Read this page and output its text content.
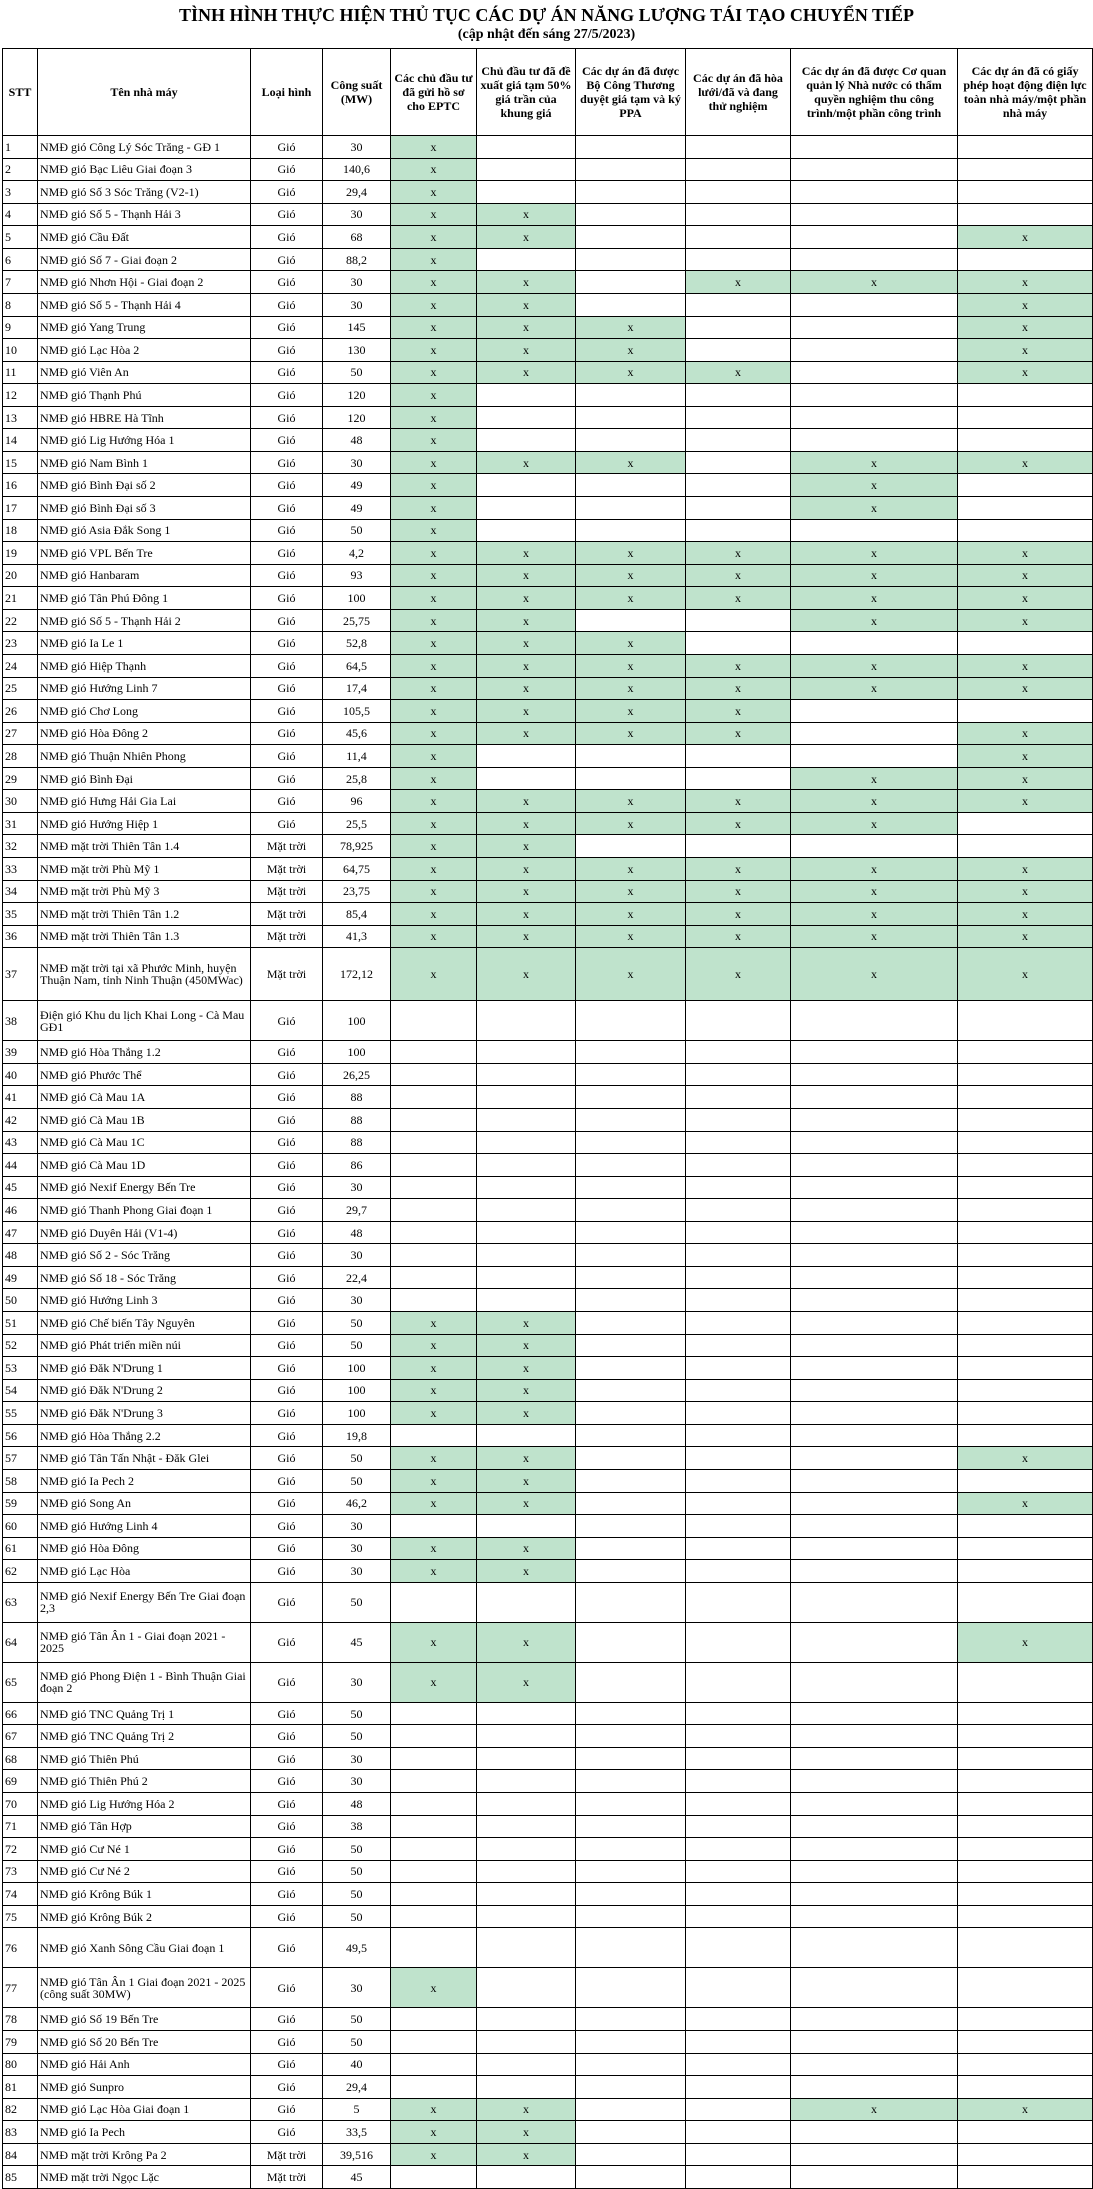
TÌNH HÌNH THỰC HIỆN THỦ TỤC CÁC DỰ ÁN NĂNG LƯỢNG TÁI TẠO CHUYỂN TIẾP
(cập nhật đến sáng 27/5/2023)
STT	Tên nhà máy	Loại hình	Công suất (MW)	Các chủ đầu tư đã gửi hồ sơ cho EPTC	Chủ đầu tư đã đề xuất giá tạm 50% giá trần của khung giá	Các dự án đã được Bộ Công Thương duyệt giá tạm và ký PPA	Các dự án đã hòa lưới/đã và đang thử nghiệm	Các dự án đã được Cơ quan quản lý Nhà nước có thẩm quyền nghiệm thu công trình/một phần công trình	Các dự án đã có giấy phép hoạt động điện lực toàn nhà máy/một phần nhà máy
1	NMĐ gió Công Lý Sóc Trăng - GĐ 1	Gió	30	x					
2	NMĐ gió Bạc Liêu Giai đoạn 3	Gió	140,6	x					
3	NMĐ gió Số 3 Sóc Trăng (V2-1)	Gió	29,4	x					
4	NMĐ gió Số 5 - Thạnh Hải 3	Gió	30	x	x				
5	NMĐ gió Cầu Đất	Gió	68	x	x				x
6	NMĐ gió Số 7 - Giai đoạn 2	Gió	88,2	x					
7	NMĐ gió Nhơn Hội - Giai đoạn 2	Gió	30	x	x		x	x	x
8	NMĐ gió Số 5 - Thạnh Hải 4	Gió	30	x	x				x
9	NMĐ gió Yang Trung	Gió	145	x	x	x			x
10	NMĐ gió Lạc Hòa 2	Gió	130	x	x	x			x
11	NMĐ gió Viên An	Gió	50	x	x	x	x		x
12	NMĐ gió Thạnh Phú	Gió	120	x					
13	NMĐ gió HBRE Hà Tĩnh	Gió	120	x					
14	NMĐ gió Lig Hướng Hóa 1	Gió	48	x					
15	NMĐ gió Nam Bình 1	Gió	30	x	x	x		x	x
16	NMĐ gió Bình Đại số 2	Gió	49	x				x	
17	NMĐ gió Bình Đại số 3	Gió	49	x				x	
18	NMĐ gió Asia Đắk Song 1	Gió	50	x					
19	NMĐ gió VPL Bến Tre	Gió	4,2	x	x	x	x	x	x
20	NMĐ gió Hanbaram	Gió	93	x	x	x	x	x	x
21	NMĐ gió Tân Phú Đông 1	Gió	100	x	x	x	x	x	x
22	NMĐ gió Số 5 - Thạnh Hải 2	Gió	25,75	x	x			x	x
23	NMĐ gió Ia Le 1	Gió	52,8	x	x	x			
24	NMĐ gió Hiệp Thạnh	Gió	64,5	x	x	x	x	x	x
25	NMĐ gió Hướng Linh 7	Gió	17,4	x	x	x	x	x	x
26	NMĐ gió Chơ Long	Gió	105,5	x	x	x	x		
27	NMĐ gió Hòa Đông 2	Gió	45,6	x	x	x	x		x
28	NMĐ gió Thuận Nhiên Phong	Gió	11,4	x					x
29	NMĐ gió Bình Đại	Gió	25,8	x				x	x
30	NMĐ gió Hưng Hải Gia Lai	Gió	96	x	x	x	x	x	x
31	NMĐ gió Hướng Hiệp 1	Gió	25,5	x	x	x	x	x	
32	NMĐ mặt trời Thiên Tân 1.4	Mặt trời	78,925	x	x				
33	NMĐ mặt trời Phù Mỹ 1	Mặt trời	64,75	x	x	x	x	x	x
34	NMĐ mặt trời Phù Mỹ 3	Mặt trời	23,75	x	x	x	x	x	x
35	NMĐ mặt trời Thiên Tân 1.2	Mặt trời	85,4	x	x	x	x	x	x
36	NMĐ mặt trời Thiên Tân 1.3	Mặt trời	41,3	x	x	x	x	x	x
37	NMĐ mặt trời tại xã Phước Minh, huyện Thuận Nam, tỉnh Ninh Thuận (450MWac)	Mặt trời	172,12	x	x	x	x	x	x
38	Điện gió Khu du lịch Khai Long - Cà Mau GĐ1	Gió	100						
39	NMĐ gió Hòa Thắng 1.2	Gió	100						
40	NMĐ gió Phước Thể	Gió	26,25						
41	NMĐ gió Cà Mau 1A	Gió	88						
42	NMĐ gió Cà Mau 1B	Gió	88						
43	NMĐ gió Cà Mau 1C	Gió	88						
44	NMĐ gió Cà Mau 1D	Gió	86						
45	NMĐ gió Nexif Energy Bến Tre	Gió	30						
46	NMĐ gió Thanh Phong Giai đoạn 1	Gió	29,7						
47	NMĐ gió Duyên Hải (V1-4)	Gió	48						
48	NMĐ gió Số 2 - Sóc Trăng	Gió	30						
49	NMĐ gió Số 18 - Sóc Trăng	Gió	22,4						
50	NMĐ gió Hướng Linh 3	Gió	30						
51	NMĐ gió Chế biến Tây Nguyên	Gió	50	x	x				
52	NMĐ gió Phát triển miền núi	Gió	50	x	x				
53	NMĐ gió Đăk N'Drung 1	Gió	100	x	x				
54	NMĐ gió Đăk N'Drung 2	Gió	100	x	x				
55	NMĐ gió Đăk N'Drung 3	Gió	100	x	x				
56	NMĐ gió Hòa Thắng 2.2	Gió	19,8						
57	NMĐ gió Tân Tấn Nhật - Đăk Glei	Gió	50	x	x				x
58	NMĐ gió Ia Pech 2	Gió	50	x	x				
59	NMĐ gió Song An	Gió	46,2	x	x				x
60	NMĐ gió Hướng Linh 4	Gió	30						
61	NMĐ gió Hòa Đông	Gió	30	x	x				
62	NMĐ gió Lạc Hòa	Gió	30	x	x				
63	NMĐ gió Nexif Energy Bến Tre Giai đoạn 2,3	Gió	50						
64	NMĐ gió Tân Ân 1 - Giai đoạn 2021 - 2025	Gió	45	x	x				x
65	NMĐ gió Phong Điện 1 - Bình Thuận Giai đoạn 2	Gió	30	x	x				
66	NMĐ gió TNC Quảng Trị 1	Gió	50						
67	NMĐ gió TNC Quảng Trị 2	Gió	50						
68	NMĐ gió Thiên Phú	Gió	30						
69	NMĐ gió Thiên Phú 2	Gió	30						
70	NMĐ gió Lig Hướng Hóa 2	Gió	48						
71	NMĐ gió Tân Hợp	Gió	38						
72	NMĐ gió Cư Né 1	Gió	50						
73	NMĐ gió Cư Né 2	Gió	50						
74	NMĐ gió Krông Búk 1	Gió	50						
75	NMĐ gió Krông Búk 2	Gió	50						
76	NMĐ gió Xanh Sông Cầu Giai đoạn 1	Gió	49,5						
77	NMĐ gió Tân Ân 1 Giai đoạn 2021 - 2025 (công suất 30MW)	Gió	30	x					
78	NMĐ gió Số 19 Bến Tre	Gió	50						
79	NMĐ gió Số 20 Bến Tre	Gió	50						
80	NMĐ gió Hải Anh	Gió	40						
81	NMĐ gió Sunpro	Gió	29,4						
82	NMĐ gió Lạc Hòa Giai đoạn 1	Gió	5	x	x			x	x
83	NMĐ gió Ia Pech	Gió	33,5	x	x				
84	NMĐ mặt trời Krông Pa 2	Mặt trời	39,516	x	x				
85	NMĐ mặt trời Ngọc Lặc	Mặt trời	45						
